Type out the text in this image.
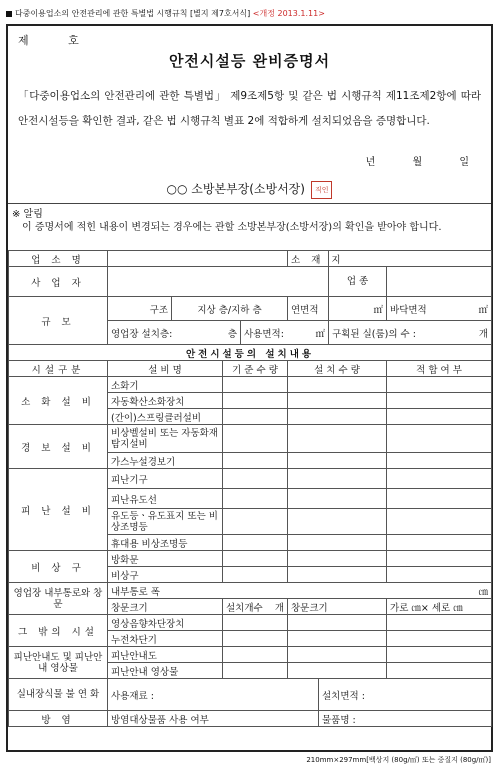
다중이용업소의 안전관리에 관한 특별법 시행규칙 [별지 제7호서식] <개정 2013.1.11>
제 호
안전시설등 완비증명서
「다중이용업소의 안전관리에 관한 특별법」 제9조제5항 및 같은 법 시행규칙 제11조제2항에 따라 안전시설등을 확인한 결과, 같은 법 시행규칙 별표 2에 적합하게 설치되었음을 증명합니다.
년 월 일
○○ 소방본부장(소방서장) 직인
※ 알림
이 증명서에 적힌 내용이 변경되는 경우에는 관할 소방본부장(소방서장)의 확인을 받아야 합니다.
업 소 명					소 재 지			
사 업 자							업 종	
규 모	구조	지상 층/지하 층			연면적		㎡	바닥면적 ㎡

	영업장 설치층: 층			사용면적: ㎡			구획된 실(룸)의 수 : 개	

안전시설등의 설치내용								
시설구분	설 비 명		기 준 수 량		설 치 수 량			적 합 여 부
소 화 설 비	소화기							
	자동확산소화장치							
	(간이)스프링클러설비							
경 보 설 비	비상벨설비 또는 자동화재탐지설비							
	가스누설경보기							
피 난 설 비	피난기구							
	피난유도선							
	유도등ㆍ유도표지 또는 비상조명등							
	휴대용 비상조명등							
비 상 구	방화문							
	비상구							
영업장 내부통로와 창문	내부통로 폭 ㎝							

	창문크기		설치개수 개		창문크기			가로 ㎝× 세로 ㎝
그 밖의 시설	영상음향차단장치							
	누전차단기							
피난안내도 및 피난안내 영상물	피난안내도							
	피난안내 영상물							
실내장식물 불 연 화	사용재료 :					설치면적 :		
방 염	방염대상물품 사용 여부					물품명 :		
210mm×297mm[백상지 (80g/㎡) 또는 중질지 (80g/㎡)]
